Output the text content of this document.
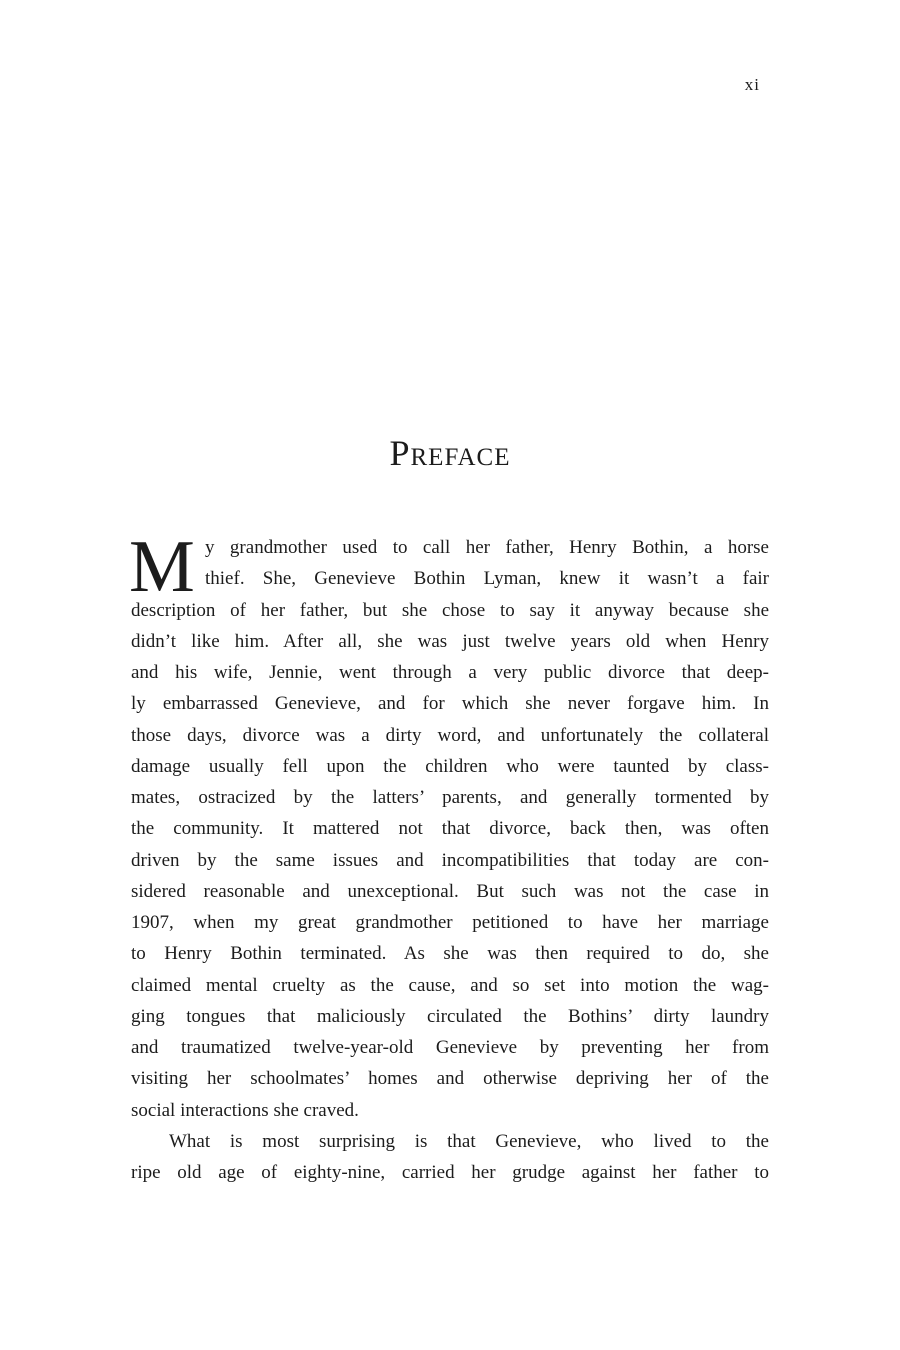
xi
Preface
M y grandmother used to call her father, Henry Bothin, a horse
thief. She, Genevieve Bothin Lyman, knew it wasn’t a fair
description of her father, but she chose to say it anyway because she
didn’t like him. After all, she was just twelve years old when Henry
and his wife, Jennie, went through a very public divorce that deep-
ly embarrassed Genevieve, and for which she never forgave him. In
those days, divorce was a dirty word, and unfortunately the collateral
damage usually fell upon the children who were taunted by class-
mates, ostracized by the latters’ parents, and generally tormented by
the community. It mattered not that divorce, back then, was often
driven by the same issues and incompatibilities that today are con-
sidered reasonable and unexceptional. But such was not the case in
1907, when my great grandmother petitioned to have her marriage
to Henry Bothin terminated. As she was then required to do, she
claimed mental cruelty as the cause, and so set into motion the wag-
ging tongues that maliciously circulated the Bothins’ dirty laundry
and traumatized twelve-year-old Genevieve by preventing her from
visiting her schoolmates’ homes and otherwise depriving her of the
social interactions she craved.
What is most surprising is that Genevieve, who lived to the
ripe old age of eighty-nine, carried her grudge against her father to
